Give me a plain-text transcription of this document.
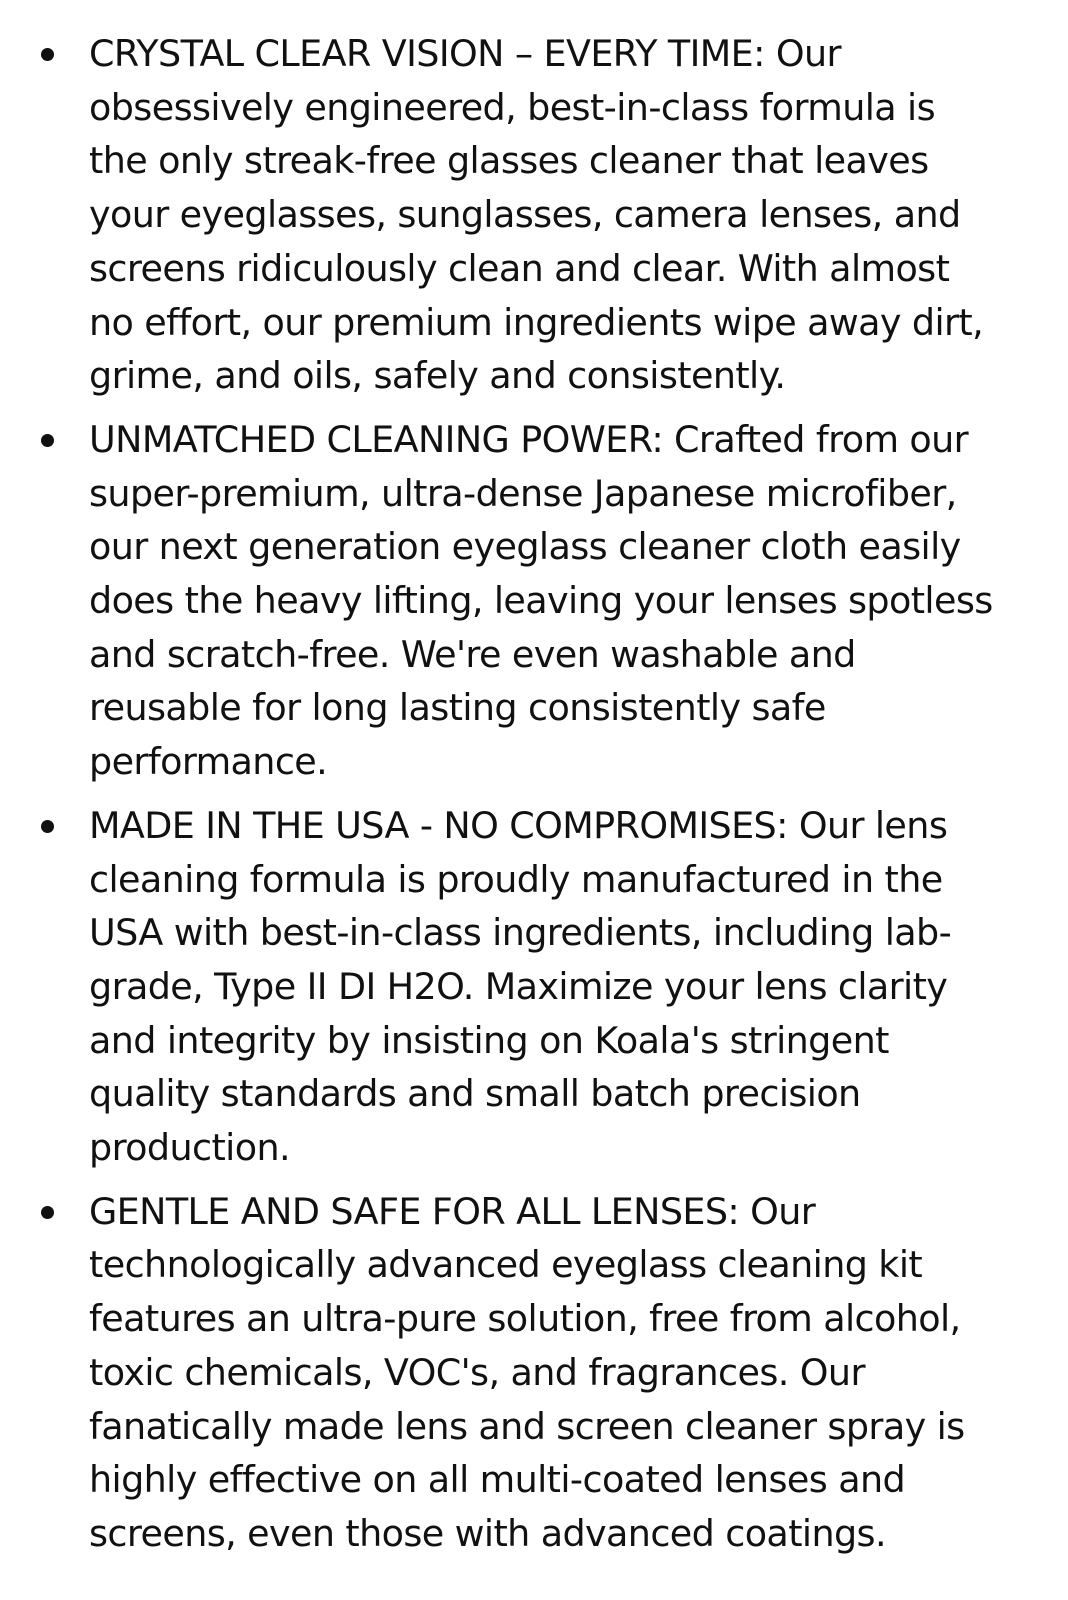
CRYSTAL CLEAR VISION – EVERY TIME: Our
obsessively engineered, best-in-class formula is
the only streak-free glasses cleaner that leaves
your eyeglasses, sunglasses, camera lenses, and
screens ridiculously clean and clear. With almost
no effort, our premium ingredients wipe away dirt,
grime, and oils, safely and consistently.
UNMATCHED CLEANING POWER: Crafted from our
super-premium, ultra-dense Japanese microfiber,
our next generation eyeglass cleaner cloth easily
does the heavy lifting, leaving your lenses spotless
and scratch-free. We're even washable and
reusable for long lasting consistently safe
performance.
MADE IN THE USA - NO COMPROMISES: Our lens
cleaning formula is proudly manufactured in the
USA with best-in-class ingredients, including lab-
grade, Type II DI H2O. Maximize your lens clarity
and integrity by insisting on Koala's stringent
quality standards and small batch precision
production.
GENTLE AND SAFE FOR ALL LENSES: Our
technologically advanced eyeglass cleaning kit
features an ultra-pure solution, free from alcohol,
toxic chemicals, VOC's, and fragrances. Our
fanatically made lens and screen cleaner spray is
highly effective on all multi-coated lenses and
screens, even those with advanced coatings.
